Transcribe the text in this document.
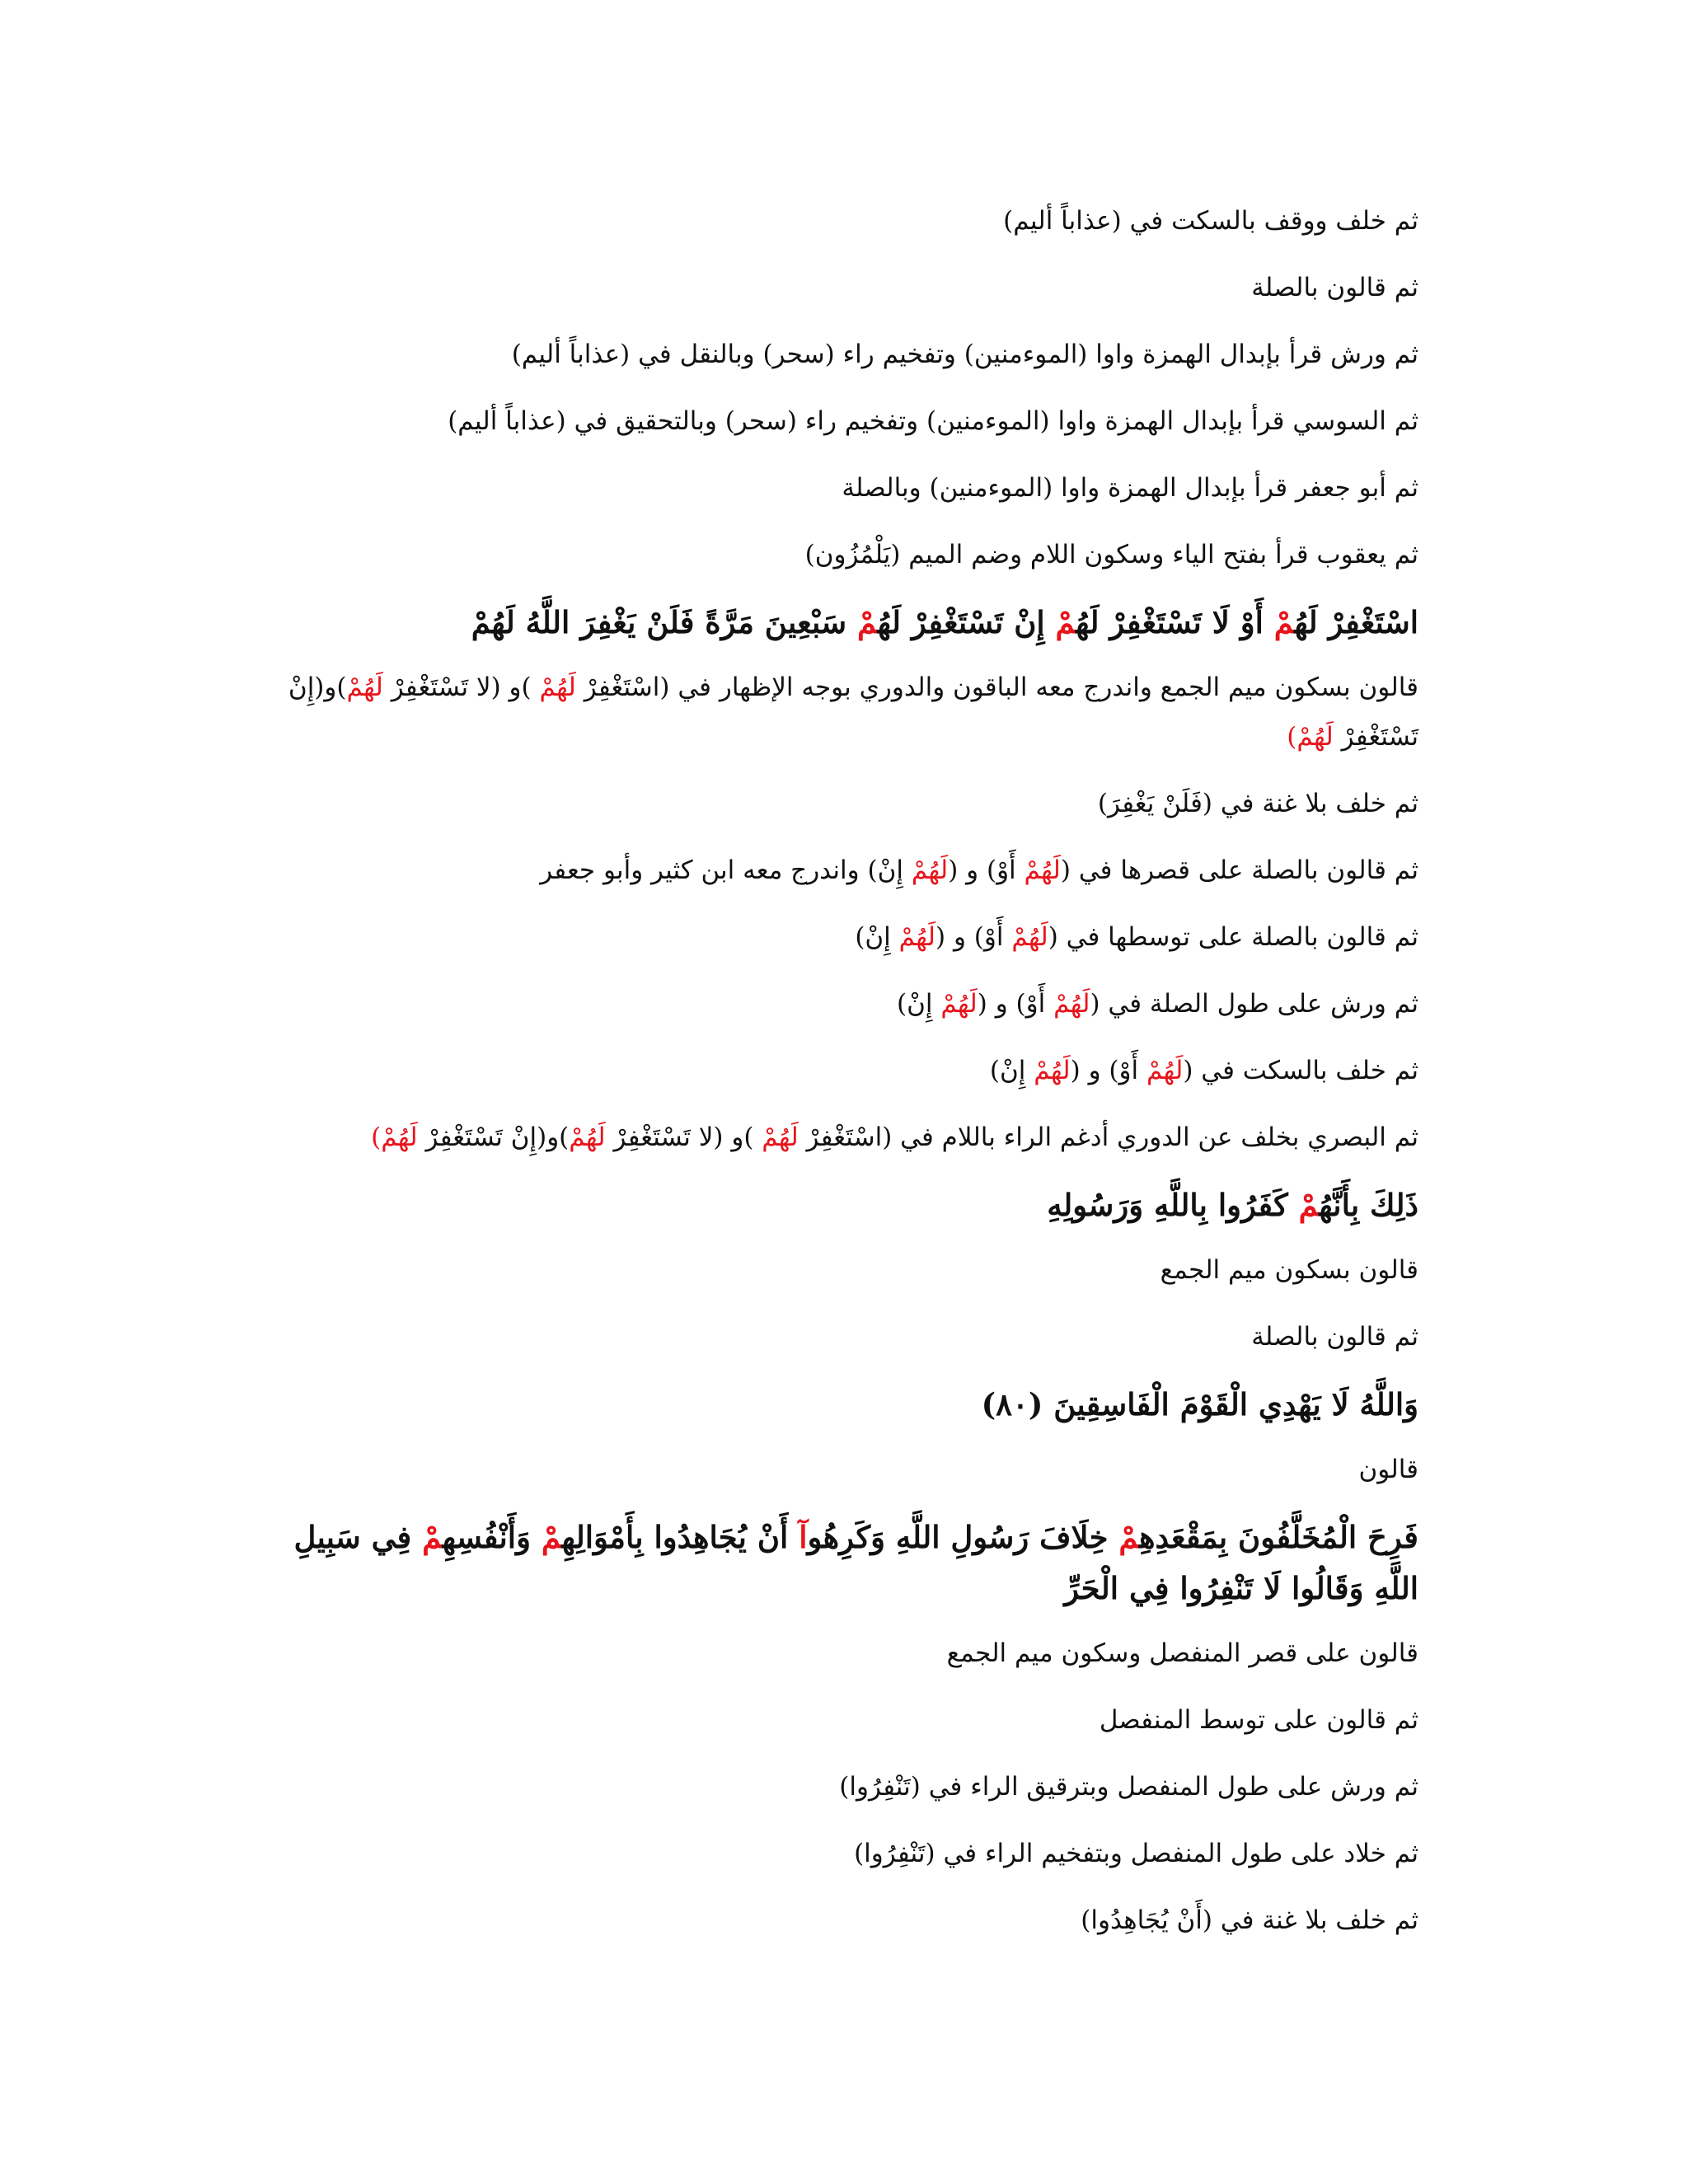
ثم خلف ووقف بالسكت في (عذاباً أليم)
ثم قالون بالصلة
ثم ورش قرأ بإبدال الهمزة واوا (الموءمنين) وتفخيم راء (سحر) وبالنقل في (عذاباً أليم)
ثم السوسي قرأ بإبدال الهمزة واوا (الموءمنين) وتفخيم راء (سحر) وبالتحقيق في (عذاباً أليم)
ثم أبو جعفر قرأ بإبدال الهمزة واوا (الموءمنين) وبالصلة
ثم يعقوب قرأ بفتح الياء وسكون اللام وضم الميم (يَلْمُزُون)
اسْتَغْفِرْ لَهُمْ أَوْ لَا تَسْتَغْفِرْ لَهُمْ إِنْ تَسْتَغْفِرْ لَهُمْ سَبْعِينَ مَرَّةً فَلَنْ يَغْفِرَ اللَّهُ لَهُمْ
قالون بسكون ميم الجمع واندرج معه الباقون والدوري بوجه الإظهار في (اسْتَغْفِرْ لَهُمْ )و (لا تَسْتَغْفِرْ لَهُمْ)و(إِنْ تَسْتَغْفِرْ لَهُمْ)
ثم خلف بلا غنة في (فَلَنْ يَغْفِرَ)
ثم قالون بالصلة على قصرها في (لَهُمْ أَوْ) و (لَهُمْ إِنْ) واندرج معه ابن كثير وأبو جعفر
ثم قالون بالصلة على توسطها في (لَهُمْ أَوْ) و (لَهُمْ إِنْ)
ثم ورش على طول الصلة في (لَهُمْ أَوْ) و (لَهُمْ إِنْ)
ثم خلف بالسكت في (لَهُمْ أَوْ) و (لَهُمْ إِنْ)
ثم البصري بخلف عن الدوري أدغم الراء باللام في (اسْتَغْفِرْ لَهُمْ )و (لا تَسْتَغْفِرْ لَهُمْ)و(إِنْ تَسْتَغْفِرْ لَهُمْ)
ذَلِكَ بِأَنَّهُمْ كَفَرُوا بِاللَّهِ وَرَسُولِهِ
قالون بسكون ميم الجمع
ثم قالون بالصلة
وَاللَّهُ لَا يَهْدِي الْقَوْمَ الْفَاسِقِينَ (٨٠)
قالون
فَرِحَ الْمُخَلَّفُونَ بِمَقْعَدِهِمْ خِلَافَ رَسُولِ اللَّهِ وَكَرِهُوآ أَنْ يُجَاهِدُوا بِأَمْوَالِهِمْ وَأَنْفُسِهِمْ فِي سَبِيلِ اللَّهِ وَقَالُوا لَا تَنْفِرُوا فِي الْحَرِّ
قالون على قصر المنفصل وسكون ميم الجمع
ثم قالون على توسط المنفصل
ثم ورش على طول المنفصل وبترقيق الراء في (تَنْفِرُوا)
ثم خلاد على طول المنفصل وبتفخيم الراء في (تَنْفِرُوا)
ثم خلف بلا غنة في (أَنْ يُجَاهِدُوا)
